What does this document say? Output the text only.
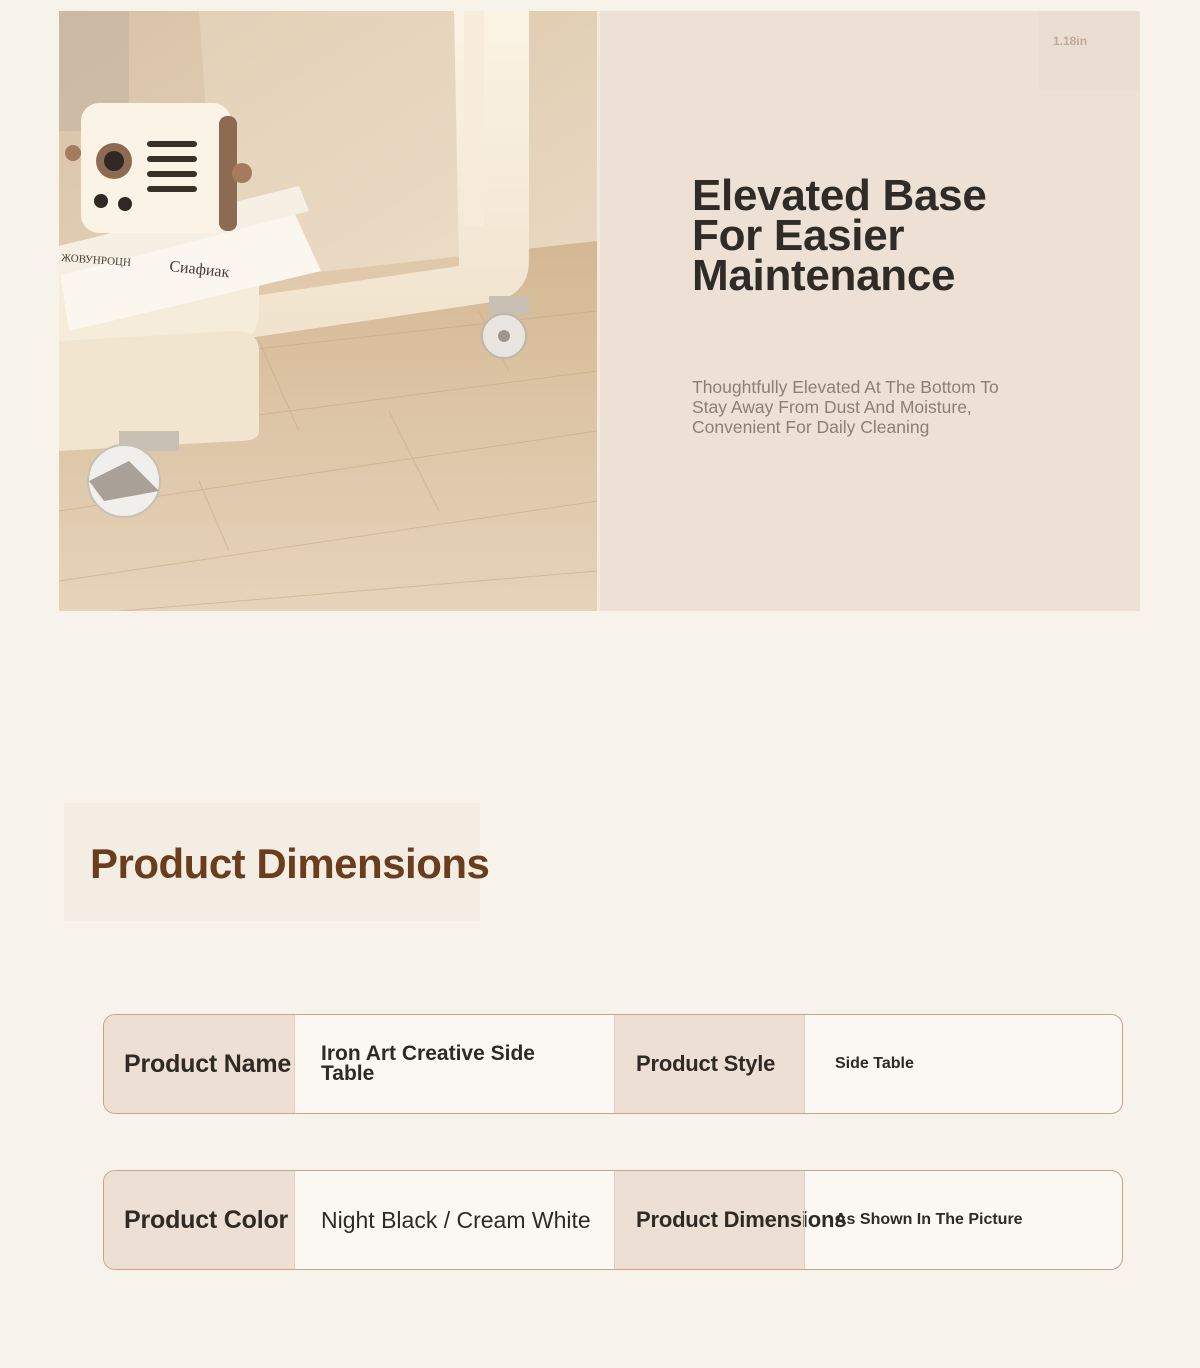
Cиафиак
ЖОВУНРОЦН
1.18in
Elevated Base For Easier Maintenance

Thoughtfully Elevated At The Bottom To Stay Away From Dust And Moisture, Convenient For Daily Cleaning

Product Dimensions
Product Name Iron Art Creative Side Table	Product Style	Side Table
Product Color Night Black / Cream White Product Dimensions
As Shown In The Picture
